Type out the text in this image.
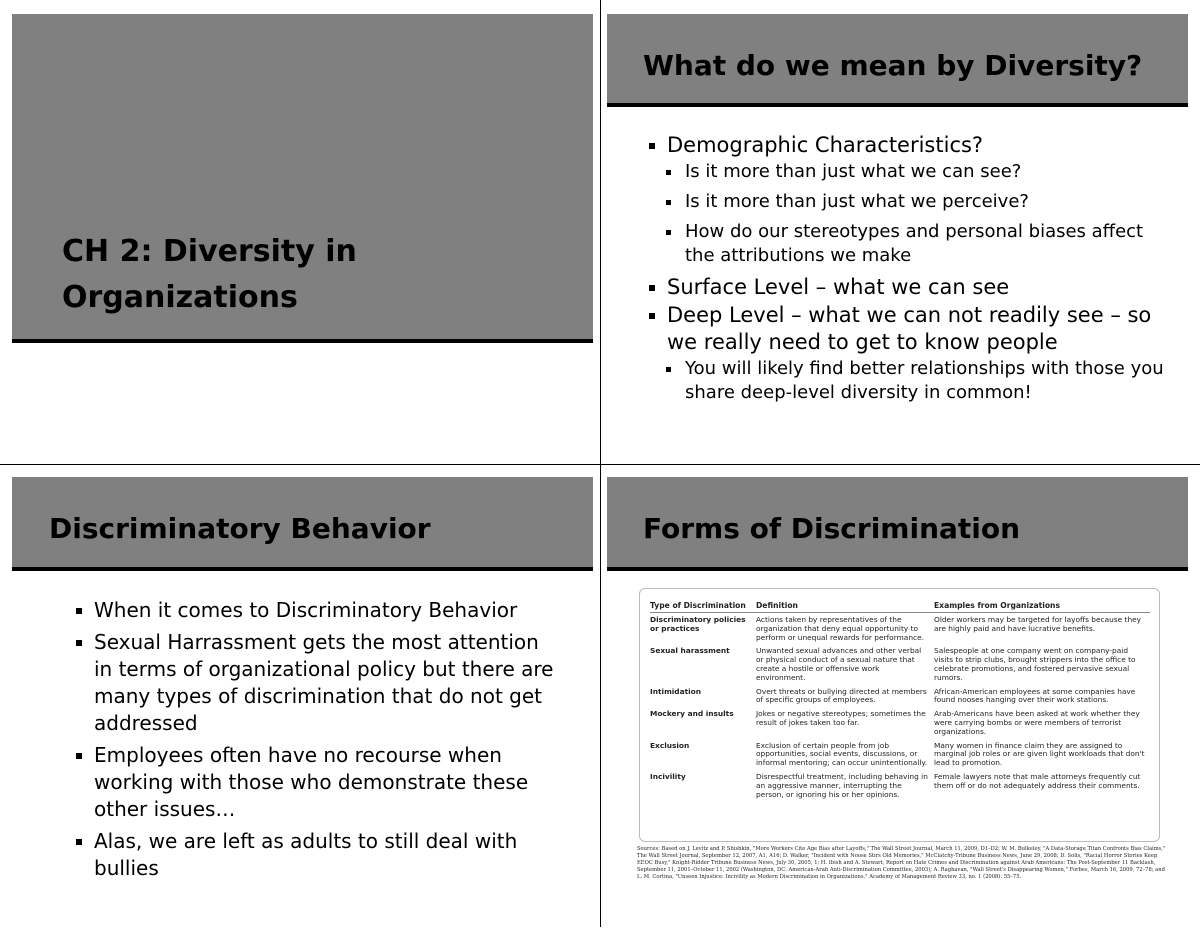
CH 2: Diversity in
Organizations
What do we mean by Diversity?
Demographic Characteristics?
Is it more than just what we can see?
Is it more than just what we perceive?
How do our stereotypes and personal biases affect the attributions we make
Surface Level – what we can see
Deep Level – what we can not readily see – so we really need to get to know people
You will likely find better relationships with those you share deep-level diversity in common!
Discriminatory Behavior
When it comes to Discriminatory Behavior
Sexual Harrassment gets the most attention in terms of organizational policy but there are many types of discrimination that do not get addressed
Employees often have no recourse when working with those who demonstrate these other issues…
Alas, we are left as adults to still deal with bullies
Forms of Discrimination
Type of Discrimination	Definition	Examples from Organizations
Discriminatory policies or practices	Actions taken by representatives of the organization that deny equal opportunity to perform or unequal rewards for performance.	Older workers may be targeted for layoffs because they are highly paid and have lucrative benefits.
Sexual harassment	Unwanted sexual advances and other verbal or physical conduct of a sexual nature that create a hostile or offensive work environment.	Salespeople at one company went on company-paid visits to strip clubs, brought strippers into the office to celebrate promotions, and fostered pervasive sexual rumors.
Intimidation	Overt threats or bullying directed at members of specific groups of employees.	African-American employees at some companies have found nooses hanging over their work stations.
Mockery and insults	Jokes or negative stereotypes; sometimes the result of jokes taken too far.	Arab-Americans have been asked at work whether they were carrying bombs or were members of terrorist organizations.
Exclusion	Exclusion of certain people from job opportunities, social events, discussions, or informal mentoring; can occur unintentionally.	Many women in finance claim they are assigned to marginal job roles or are given light workloads that don't lead to promotion.
Incivility	Disrespectful treatment, including behaving in an aggressive manner, interrupting the person, or ignoring his or her opinions.	Female lawyers note that male attorneys frequently cut them off or do not adequately address their comments.
Sources: Based on J. Levitz and P. Shishkin, "More Workers Cite Age Bias after Layoffs," The Wall Street Journal, March 11, 2009, D1–D2; W. M. Bulkeley, "A Data-Storage Titan Confronts Bias Claims," The Wall Street Journal, September 12, 2007, A1, A16; D. Walker, "Incident with Noose Stirs Old Memories," McClatchy-Tribune Business News, June 29, 2008; D. Solis, "Racial Horror Stories Keep EEOC Busy," Knight-Ridder Tribune Business News, July 30, 2005, 1; H. Ibish and A. Stewart, Report on Hate Crimes and Discrimination against Arab Americans: The Post-September 11 Backlash, September 11, 2001–October 11, 2002 (Washington, DC: American-Arab Anti-Discrimination Committee, 2003); A. Raghavan, "Wall Street's Disappearing Women," Forbes, March 16, 2009, 72–78; and L. M. Cortina, "Unseen Injustice: Incivility as Modern Discrimination in Organizations," Academy of Management Review 33, no. 1 (2008): 55–75.
